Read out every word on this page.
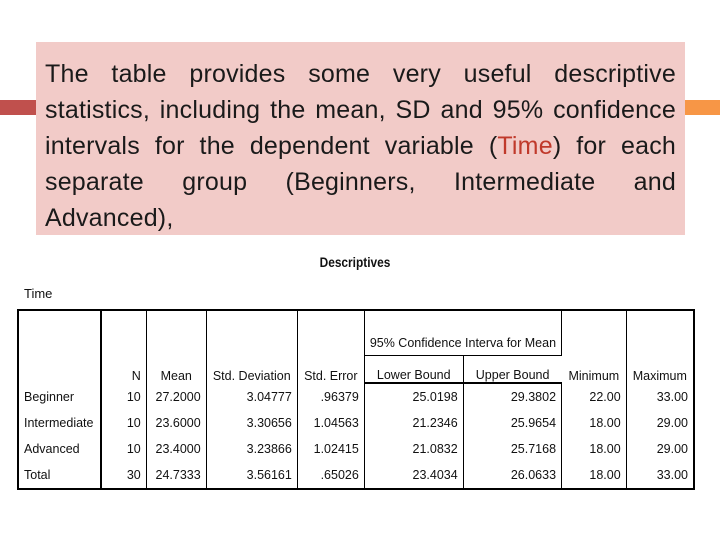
The table provides some very useful descriptive statistics, including the mean, SD and 95% confidence intervals for the dependent variable (Time) for each separate group (Beginners, Intermediate and Advanced),

Descriptives
Time
	N	Mean	Std. Deviation	Std. Error	95% Confidence Interva for Mean		Minimum	Maximum
					Lower Bound	Upper Bound		
Beginner	10	27.2000	3.04777	.96379	25.0198	29.3802	22.00	33.00
Intermediate	10	23.6000	3.30656	1.04563	21.2346	25.9654	18.00	29.00
Advanced	10	23.4000	3.23866	1.02415	21.0832	25.7168	18.00	29.00
Total	30	24.7333	3.56161	.65026	23.4034	26.0633	18.00	33.00
